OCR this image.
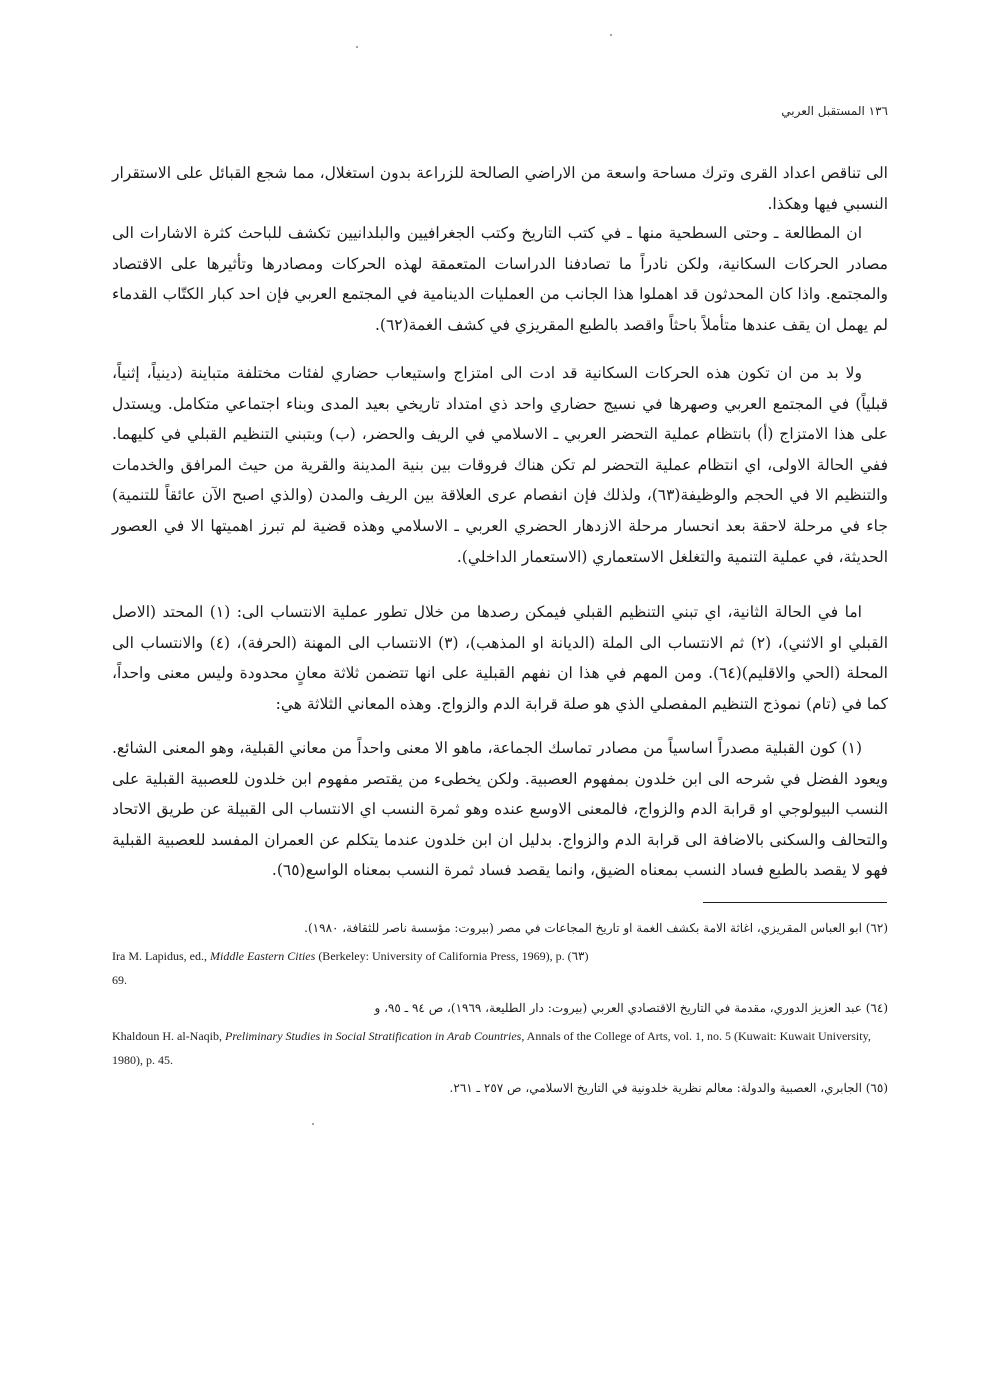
١٣٦ المستقبل العربي

الى تناقص اعداد القرى وترك مساحة واسعة من الاراضي الصالحة للزراعة بدون استغلال، مما شجع القبائل على الاستقرار النسبي فيها وهكذا.

ان المطالعة ـ وحتى السطحية منها ـ في كتب التاريخ وكتب الجغرافيين والبلدانيين تكشف للباحث كثرة الاشارات الى مصادر الحركات السكانية، ولكن نادراً ما تصادفنا الدراسات المتعمقة لهذه الحركات ومصادرها وتأثيرها على الاقتصاد والمجتمع. واذا كان المحدثون قد اهملوا هذا الجانب من العمليات الدينامية في المجتمع العربي فإن احد كبار الكتّاب القدماء لم يهمل ان يقف عندها متأملاً باحثاً واقصد بالطبع المقريزي في كشف الغمة(٦٢).

ولا بد من ان تكون هذه الحركات السكانية قد ادت الى امتزاج واستيعاب حضاري لفئات مختلفة متباينة (دينياً، إثنياً، قبلياً) في المجتمع العربي وصهرها في نسيج حضاري واحد ذي امتداد تاريخي بعيد المدى وبناء اجتماعي متكامل. ويستدل على هذا الامتزاج (أ) بانتظام عملية التحضر العربي ـ الاسلامي في الريف والحضر، (ب) وبتبني التنظيم القبلي في كليهما. ففي الحالة الاولى، اي انتظام عملية التحضر لم تكن هناك فروقات بين بنية المدينة والقرية من حيث المرافق والخدمات والتنظيم الا في الحجم والوظيفة(٦٣)، ولذلك فإن انفصام عرى العلاقة بين الريف والمدن (والذي اصبح الآن عائقاً للتنمية) جاء في مرحلة لاحقة بعد انحسار مرحلة الازدهار الحضري العربي ـ الاسلامي وهذه قضية لم تبرز اهميتها الا في العصور الحديثة، في عملية التنمية والتغلغل الاستعماري (الاستعمار الداخلي).

اما في الحالة الثانية، اي تبني التنظيم القبلي فيمكن رصدها من خلال تطور عملية الانتساب الى: (١) المحتد (الاصل القبلي او الاثني)، (٢) ثم الانتساب الى الملة (الديانة او المذهب)، (٣) الانتساب الى المهنة (الحرفة)، (٤) والانتساب الى المحلة (الحي والاقليم)(٦٤). ومن المهم في هذا ان نفهم القبلية على انها تتضمن ثلاثة معانٍ محدودة وليس معنى واحداً، كما في (تام) نموذج التنظيم المفصلي الذي هو صلة قرابة الدم والزواج. وهذه المعاني الثلاثة هي:

(١) كون القبلية مصدراً اساسياً من مصادر تماسك الجماعة، ماهو الا معنى واحداً من معاني القبلية، وهو المعنى الشائع. ويعود الفضل في شرحه الى ابن خلدون بمفهوم العصبية. ولكن يخطىء من يقتصر مفهوم ابن خلدون للعصبية القبلية على النسب البيولوجي او قرابة الدم والزواج، فالمعنى الاوسع عنده وهو ثمرة النسب اي الانتساب الى القبيلة عن طريق الاتحاد والتحالف والسكنى بالاضافة الى قرابة الدم والزواج. بدليل ان ابن خلدون عندما يتكلم عن العمران المفسد للعصبية القبلية فهو لا يقصد بالطبع فساد النسب بمعناه الضيق، وانما يقصد فساد ثمرة النسب بمعناه الواسع(٦٥).

(٦٢) ابو العباس المقريزي، اغاثة الامة بكشف الغمة او تاريخ المجاعات في مصر (بيروت: مؤسسة ناصر للثقافة، ١٩٨٠).

Ira M. Lapidus, ed., Middle Eastern Cities (Berkeley: University of California Press, 1969), p. (٦٣)
69.

(٦٤) عبد العزيز الدوري، مقدمة في التاريخ الاقتصادي العربي (بيروت: دار الطليعة، ١٩٦٩)، ص ٩٤ ـ ٩٥، و

Khaldoun H. al-Naqib, Preliminary Studies in Social Stratification in Arab Countries, Annals of the College of Arts, vol. 1, no. 5 (Kuwait: Kuwait University, 1980), p. 45.

(٦٥) الجابري، العصبية والدولة: معالم نظرية خلدونية في التاريخ الاسلامي، ص ٢٥٧ ـ ٢٦١.
